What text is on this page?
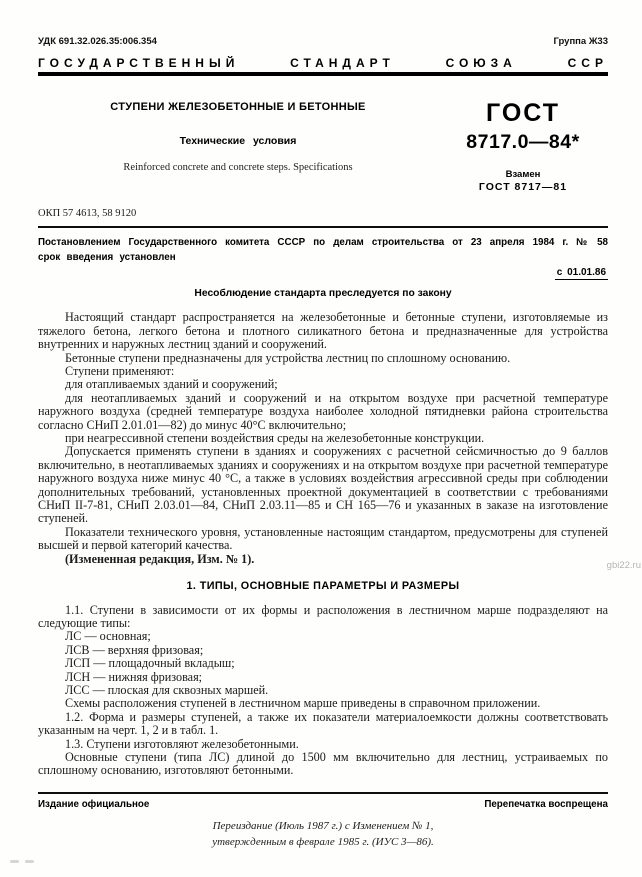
УДК 691.32.026.35:006.354	Группа Ж33
ГОСУДАРСТВЕННЫЙ	СТАНДАРТ	СОЮЗА	ССР
СТУПЕНИ ЖЕЛЕЗОБЕТОННЫЕ И БЕТОННЫЕ
Технические условия
Reinforced concrete and concrete steps. Specifications
ГОСТ
8717.0—84*
Взамен
ГОСТ 8717—81
ОКП 57 4613, 58 9120
Постановлением Государственного комитета СССР по делам строительства от 23 апреля 1984 г. № 58 срок введения установлен
с 01.01.86
Несоблюдение стандарта преследуется по закону

Настоящий стандарт распространяется на железобетонные и бетонные ступени, изготовляемые из тяжелого бетона, легкого бетона и плотного силикатного бетона и предназначенные для устройства внутренних и наружных лестниц зданий и сооружений.

Бетонные ступени предназначены для устройства лестниц по сплошному основанию.

Ступени применяют:

для отапливаемых зданий и сооружений;

для неотапливаемых зданий и сооружений и на открытом воздухе при расчетной температуре наружного воздуха (средней температуре воздуха наиболее холодной пятидневки района строительства согласно СНиП 2.01.01—82) до минус 40°С включительно;

при неагрессивной степени воздействия среды на железобетонные конструкции.

Допускается применять ступени в зданиях и сооружениях с расчетной сейсмичностью до 9 баллов включительно, в неотапливаемых зданиях и сооружениях и на открытом воздухе при расчетной температуре наружного воздуха ниже минус 40 °С, а также в условиях воздействия агрессивной среды при соблюдении дополнительных требований, установленных проектной документацией в соответствии с требованиями СНиП II-7-81, СНиП 2.03.01—84, СНиП 2.03.11—85 и СН 165—76 и указанных в заказе на изготовление ступеней.

Показатели технического уровня, установленные настоящим стандартом, предусмотрены для ступеней высшей и первой категорий качества.

(Измененная редакция, Изм. № 1).

1. ТИПЫ, ОСНОВНЫЕ ПАРАМЕТРЫ И РАЗМЕРЫ

1.1. Ступени в зависимости от их формы и расположения в лестничном марше подразделяют на следующие типы:

ЛС — основная;

ЛСВ — верхняя фризовая;

ЛСП — площадочный вкладыш;

ЛСН — нижняя фризовая;

ЛСС — плоская для сквозных маршей.

Схемы расположения ступеней в лестничном марше приведены в справочном приложении.

1.2. Форма и размеры ступеней, а также их показатели материалоемкости должны соответствовать указанным на черт. 1, 2 и в табл. 1.

1.3. Ступени изготовляют железобетонными.

Основные ступени (типа ЛС) длиной до 1500 мм включительно для лестниц, устраиваемых по сплошному основанию, изготовляют бетонными.

Издание официальное	Перепечатка воспрещена
Переиздание (Июль 1987 г.) с Изменением № 1,
утвержденным в феврале 1985 г. (ИУС 3—86).
gbi22.ru
